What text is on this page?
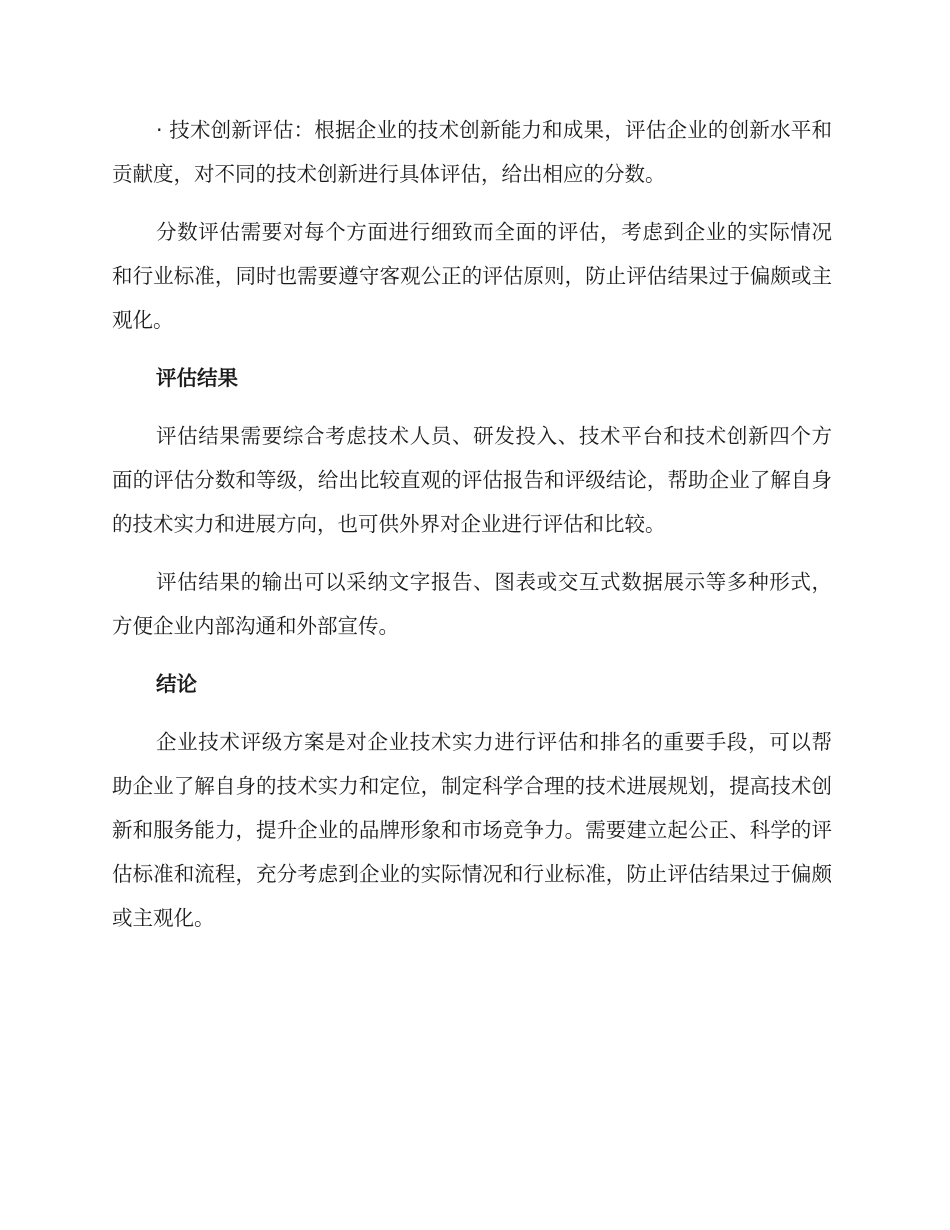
· 技术创新评估：根据企业的技术创新能力和成果，评估企业的创新水平和贡献度，对不同的技术创新进行具体评估，给出相应的分数。

分数评估需要对每个方面进行细致而全面的评估，考虑到企业的实际情况和行业标准，同时也需要遵守客观公正的评估原则，防止评估结果过于偏颇或主观化。

评估结果

评估结果需要综合考虑技术人员、研发投入、技术平台和技术创新四个方面的评估分数和等级，给出比较直观的评估报告和评级结论，帮助企业了解自身的技术实力和进展方向，也可供外界对企业进行评估和比较。

评估结果的输出可以采纳文字报告、图表或交互式数据展示等多种形式，方便企业内部沟通和外部宣传。

结论

企业技术评级方案是对企业技术实力进行评估和排名的重要手段，可以帮助企业了解自身的技术实力和定位，制定科学合理的技术进展规划，提高技术创新和服务能力，提升企业的品牌形象和市场竞争力。需要建立起公正、科学的评估标准和流程，充分考虑到企业的实际情况和行业标准，防止评估结果过于偏颇或主观化。
